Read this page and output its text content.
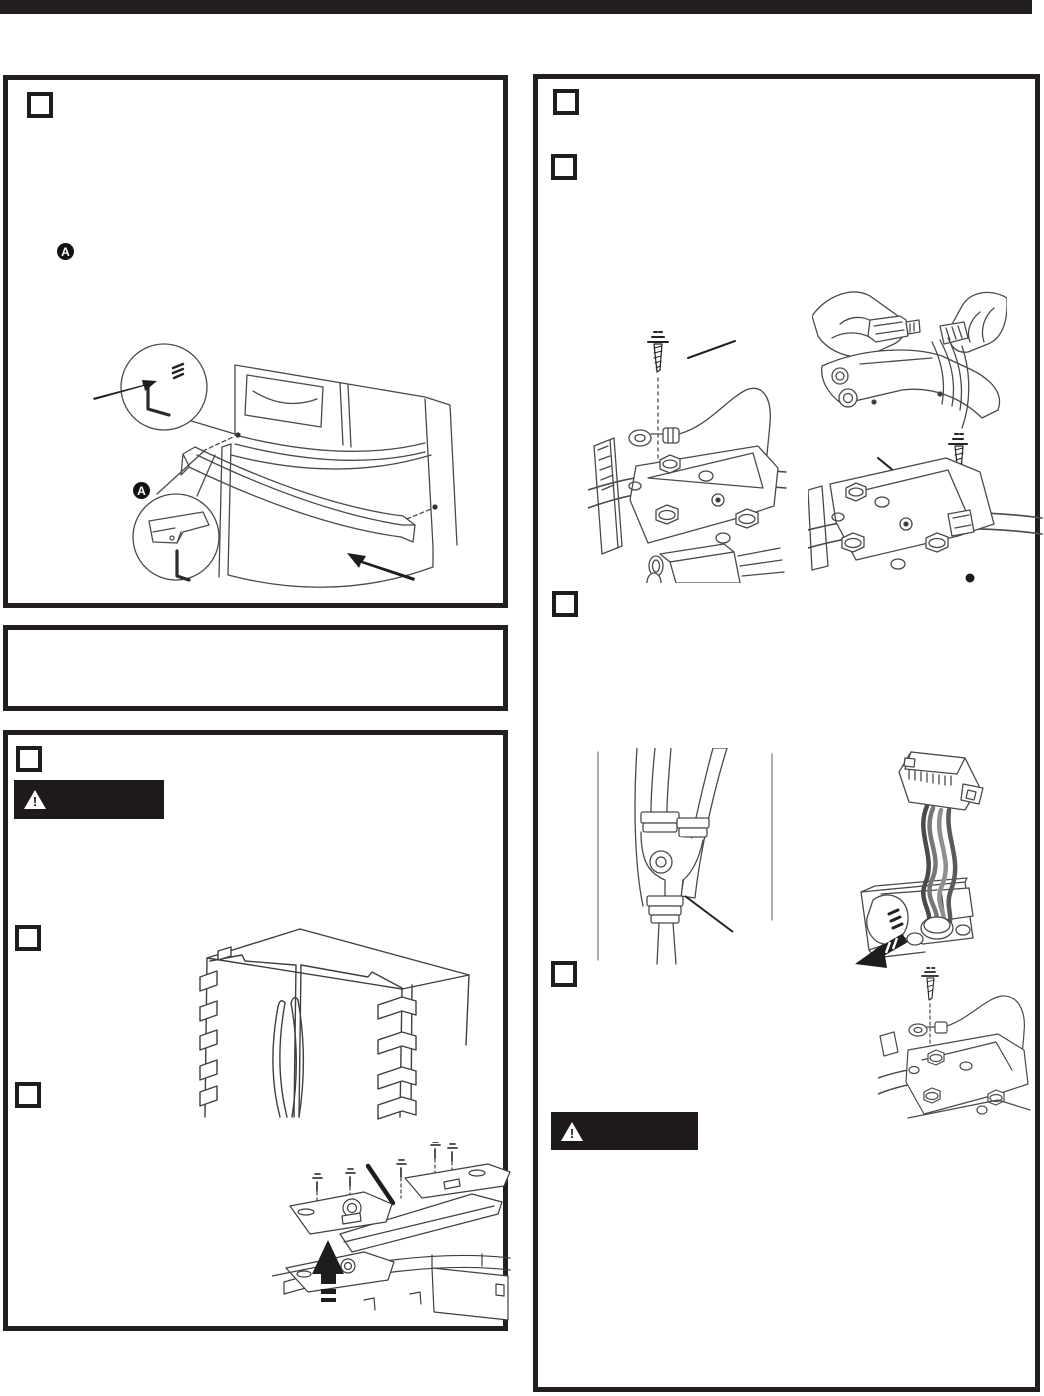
A
A
!
!
